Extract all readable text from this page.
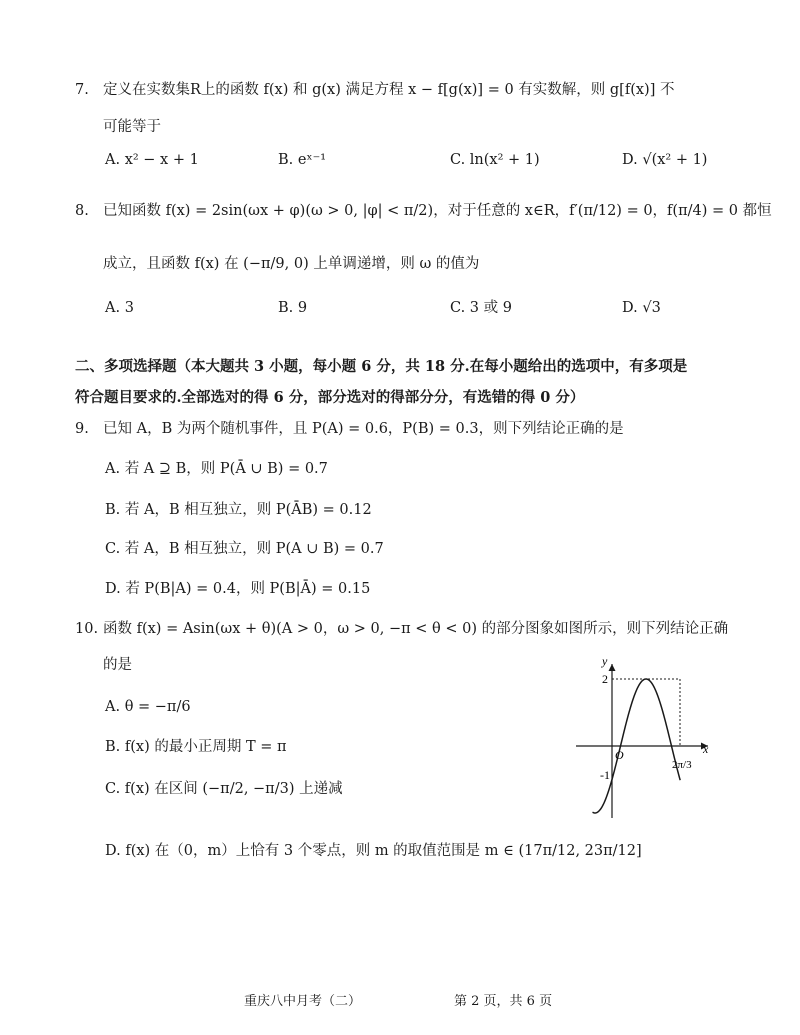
7. 定义在实数集R上的函数 f(x) 和 g(x) 满足方程 x − f[g(x)] = 0 有实数解，则 g[f(x)] 不
可能等于
A. x² − x + 1	B. eˣ⁻¹	C. ln(x² + 1)	D. √(x² + 1)
8. 已知函数 f(x) = 2sin(ωx + φ)(ω > 0, |φ| < π/2)，对于任意的 x∈R，f′(π/12) = 0，f(π/4) = 0 都恒
成立，且函数 f(x) 在 (−π/9, 0) 上单调递增，则 ω 的值为
A. 3	B. 9	C. 3 或 9	D. √3
二、多项选择题（本大题共 3 小题，每小题 6 分，共 18 分.在每小题给出的选项中，有多项是
符合题目要求的.全部选对的得 6 分，部分选对的得部分分，有选错的得 0 分）
9. 已知 A，B 为两个随机事件，且 P(A) = 0.6，P(B) = 0.3，则下列结论正确的是
A. 若 A ⊇ B，则 P(Ā ∪ B) = 0.7
B. 若 A，B 相互独立，则 P(ĀB) = 0.12
C. 若 A，B 相互独立，则 P(A ∪ B) = 0.7
D. 若 P(B|A) = 0.4，则 P(B|Ā) = 0.15
10. 函数 f(x) = Asin(ωx + θ)(A > 0，ω > 0, −π < θ < 0) 的部分图象如图所示，则下列结论正确
的是
A. θ = −π/6
B. f(x) 的最小正周期 T = π
C. f(x) 在区间 (−π/2, −π/3) 上递减
D. f(x) 在（0，m）上恰有 3 个零点，则 m 的取值范围是 m ∈ (17π/12, 23π/12]
y
x
O
2
-1
2π/3
重庆八中月考（二）	第 2 页，共 6 页
